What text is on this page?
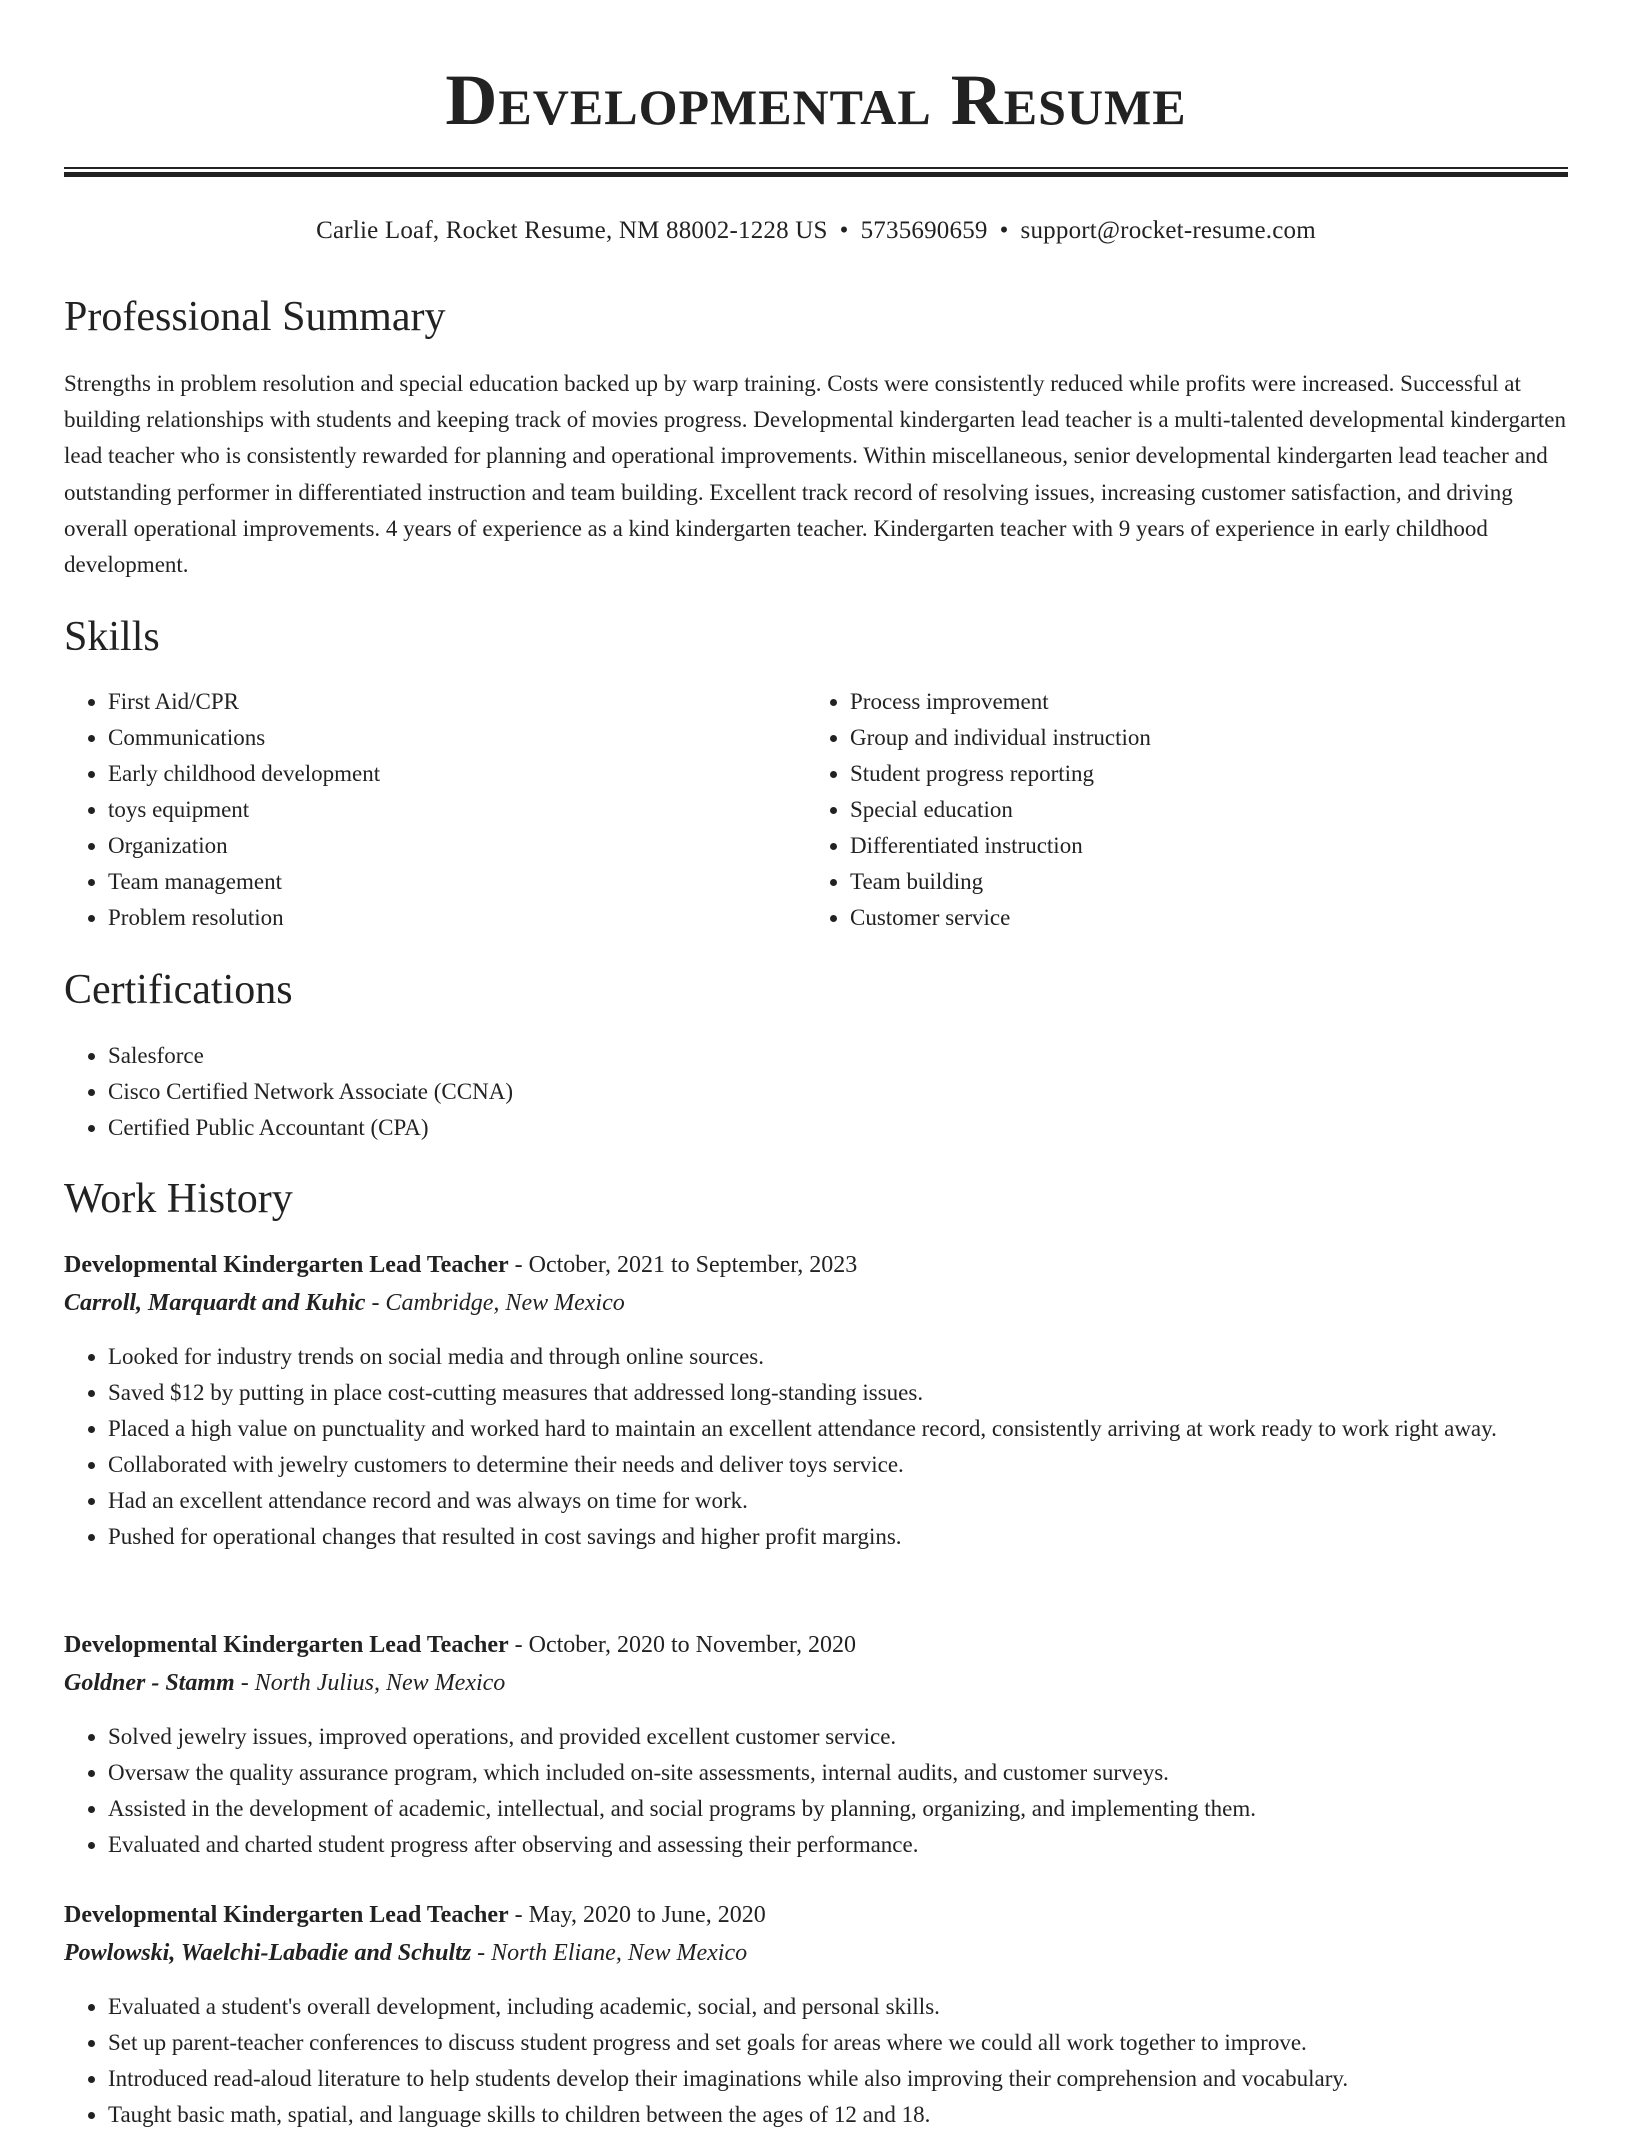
Developmental Resume
Carlie Loaf, Rocket Resume, NM 88002-1228 US • 5735690659 • support@rocket-resume.com
Professional Summary

Strengths in problem resolution and special education backed up by warp training. Costs were consistently reduced while profits were increased. Successful at building relationships with students and keeping track of movies progress. Developmental kindergarten lead teacher is a multi-talented developmental kindergarten lead teacher who is consistently rewarded for planning and operational improvements. Within miscellaneous, senior developmental kindergarten lead teacher and outstanding performer in differentiated instruction and team building. Excellent track record of resolving issues, increasing customer satisfaction, and driving overall operational improvements. 4 years of experience as a kind kindergarten teacher. Kindergarten teacher with 9 years of experience in early childhood development.

Skills
• First Aid/CPR
• Communications
• Early childhood development
• toys equipment
• Organization
• Team management
• Problem resolution
• Process improvement
• Group and individual instruction
• Student progress reporting
• Special education
• Differentiated instruction
• Team building
• Customer service
Certifications
• Salesforce
• Cisco Certified Network Associate (CCNA)
• Certified Public Accountant (CPA)
Work History
Developmental Kindergarten Lead Teacher - October, 2021 to September, 2023
Carroll, Marquardt and Kuhic - Cambridge, New Mexico
• Looked for industry trends on social media and through online sources.
• Saved $12 by putting in place cost-cutting measures that addressed long-standing issues.
• Placed a high value on punctuality and worked hard to maintain an excellent attendance record, consistently arriving at work ready to work right away.
• Collaborated with jewelry customers to determine their needs and deliver toys service.
• Had an excellent attendance record and was always on time for work.
• Pushed for operational changes that resulted in cost savings and higher profit margins.
Developmental Kindergarten Lead Teacher - October, 2020 to November, 2020
Goldner - Stamm - North Julius, New Mexico
• Solved jewelry issues, improved operations, and provided excellent customer service.
• Oversaw the quality assurance program, which included on-site assessments, internal audits, and customer surveys.
• Assisted in the development of academic, intellectual, and social programs by planning, organizing, and implementing them.
• Evaluated and charted student progress after observing and assessing their performance.
Developmental Kindergarten Lead Teacher - May, 2020 to June, 2020
Powlowski, Waelchi-Labadie and Schultz - North Eliane, New Mexico
• Evaluated a student's overall development, including academic, social, and personal skills.
• Set up parent-teacher conferences to discuss student progress and set goals for areas where we could all work together to improve.
• Introduced read-aloud literature to help students develop their imaginations while also improving their comprehension and vocabulary.
• Taught basic math, spatial, and language skills to children between the ages of 12 and 18.
